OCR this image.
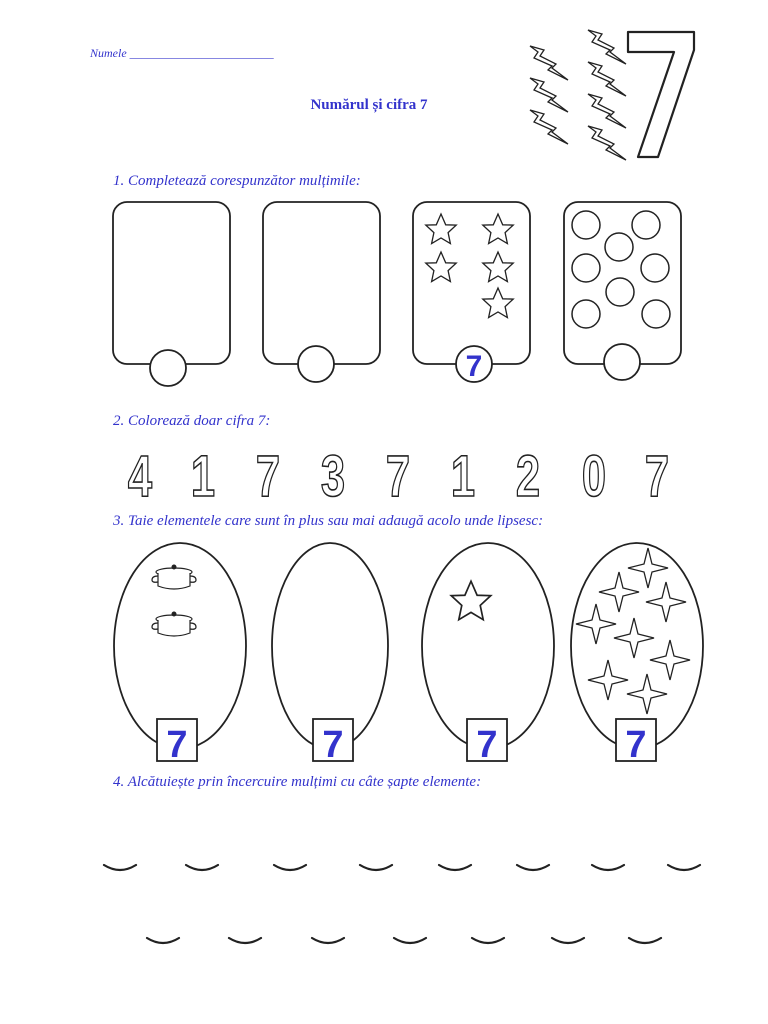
Numele ________________________
Numărul și cifra 7
1. Completează corespunzător mulțimile:
2. Colorează doar cifra 7:
3. Taie elementele care sunt în plus sau mai adaugă acolo unde lipsesc:
4. Alcătuiește prin încercuire mulțimi cu câte șapte elemente:
7
4 1 7 3 7 1 2 0 7
7	7	7	7
